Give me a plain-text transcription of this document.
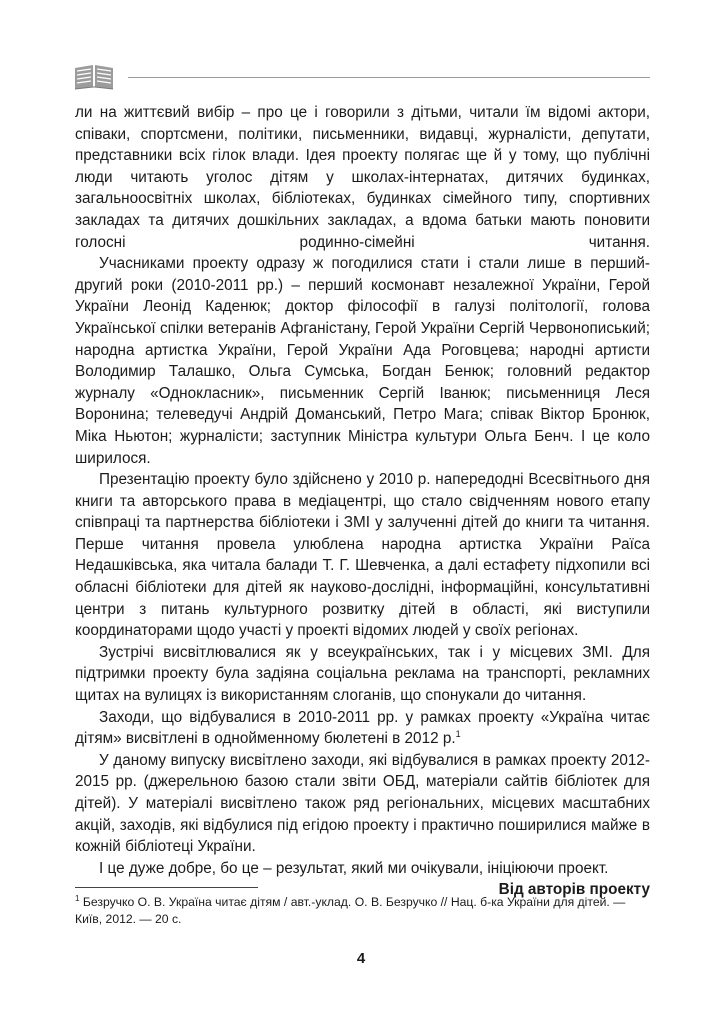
ли на життєвий вибір – про це і говорили з дітьми, читали їм відомі актори, співаки, спортсмени, політики, письменники, видавці, журналісти, депутати, представники всіх гілок влади. Ідея проекту полягає ще й у тому, що публічні люди читають уголос дітям у школах-інтернатах, дитячих будинках, загальноосвітніх школах, бібліотеках, будинках сімейного типу, спортивних закладах та дитячих дошкільних закладах, а вдома батьки мають поновити голосні родинно-сімейні читання.

Учасниками проекту одразу ж погодилися стати і стали лише в перший-другий роки (2010-2011 рр.) – перший космонавт незалежної України, Герой України Леонід Каденюк; доктор філософії в галузі політології, голова Української спілки ветеранів Афганістану, Герой України Сергій Червонописький; народна артистка України, Герой України Ада Роговцева; народні артисти Володимир Талашко, Ольга Сумська, Богдан Бенюк; головний редактор журналу «Однокласник», письменник Сергій Іванюк; письменниця Леся Воронина; телеведучі Андрій Доманський, Петро Мага; співак Віктор Бронюк, Міка Ньютон; журналісти; заступник Міністра культури Ольга Бенч. І це коло ширилося.

Презентацію проекту було здійснено у 2010 р. напередодні Всесвітнього дня книги та авторського права в медіацентрі, що стало свідченням нового етапу співпраці та партнерства бібліотеки і ЗМІ у залученні дітей до книги та читання. Перше читання провела улюблена народна артистка України Раїса Недашківська, яка читала балади Т. Г. Шевченка, а далі естафету підхопили всі обласні бібліотеки для дітей як науково-дослідні, інформаційні, консультативні центри з питань культурного розвитку дітей в області, які виступили координаторами щодо участі у проекті відомих людей у своїх регіонах.

Зустрічі висвітлювалися як у всеукраїнських, так і у місцевих ЗМІ. Для підтримки проекту була задіяна соціальна реклама на транспорті, рекламних щитах на вулицях із використанням слоганів, що спонукали до читання.

Заходи, що відбувалися в 2010-2011 рр. у рамках проекту «Україна читає дітям» висвітлені в однойменному бюлетені в 2012 р.$^1$

У даному випуску висвітлено заходи, які відбувалися в рамках проекту 2012-2015 рр. (джерельною базою стали звіти ОБД, матеріали сайтів бібліотек для дітей). У матеріалі висвітлено також ряд регіональних, місцевих масштабних акцій, заходів, які відбулися під егідою проекту і практично поширилися майже в кожній бібліотеці України.

І це дуже добре, бо це – результат, який ми очікували, ініціюючи проект.

Від авторів проекту

$^1$ Безручко О. В. Україна читає дітям / авт.-уклад. О. В. Безручко // Нац. б-ка України для дітей. — Київ, 2012. — 20 с.
4
